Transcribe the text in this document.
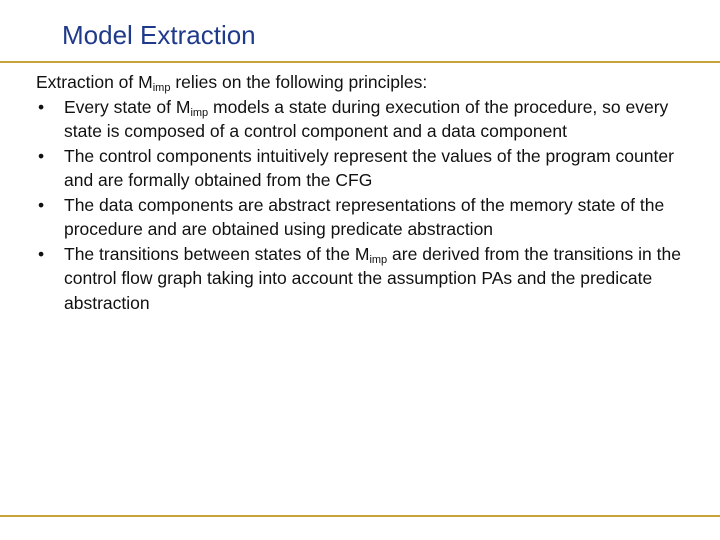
Model Extraction

Extraction of $M_{imp}$ relies on the following principles:

•	Every state of $M_{imp}$ models a state during execution of the procedure, so every state is composed of a control component and a data component
•	The control components intuitively represent the values of the program counter and are formally obtained from the CFG
•	The data components are abstract representations of the memory state of the procedure and are obtained using predicate abstraction
•	The transitions between states of the $M_{imp}$ are derived from the transitions in the control flow graph taking into account the assumption PAs and the predicate abstraction
